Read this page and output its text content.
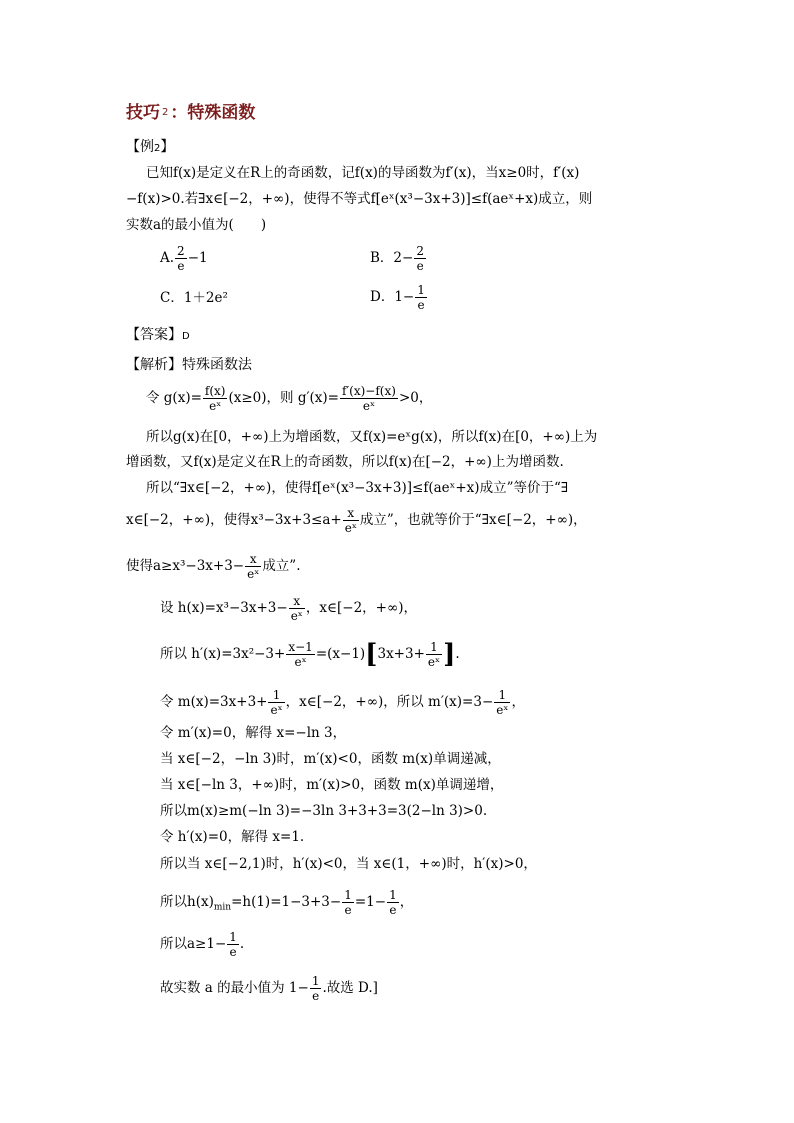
技巧 2 ：特殊函数
【例2】
已知f(x)是定义在R上的奇函数，记f(x)的导函数为f′(x)，当x≥0时，f′(x)
−f(x)>0.若∃x∈[−2，+∞)，使得不等式f[eˣ(x³−3x+3)]≤f(aeˣ+x)成立，则
实数a的最小值为(　　)
A. $\frac{2}{e} -1$	B．$2- \frac{2}{e}$
C．1＋2e²	D．$1- \frac{1}{e}$
【答案】D
【解析】特殊函数法
令 $g(x)= \frac{f(x)}{\text{eˣ}} (x\ge 0)$，则 $g'(x)= \frac{f'(x)-f(x)}{\text{eˣ}} >0$，
所以g(x)在[0，+∞)上为增函数，又f(x)=eˣg(x)，所以f(x)在[0，+∞)上为
增函数，又f(x)是定义在R上的奇函数，所以f(x)在[−2，+∞)上为增函数.
所以“∃x∈[−2，+∞)，使得f[eˣ(x³−3x+3)]≤f(aeˣ+x)成立”等价于“∃
x∈[−2，+∞)，使得$x^3-3x+3\le a+ \frac{x}{\text{eˣ}}$ 成立”，也就等价于“∃x∈[−2，+∞)，
使得$a\ge x^3-3x+3- \frac{x}{\text{eˣ}}$ 成立”.
设 $h(x)=x^3-3x+3- \frac{x}{\text{eˣ}}$ ，x∈[−2，+∞)，
所以 $h'(x)=3x^2-3+ \frac{x-1}{\text{eˣ}} =(x-1)[3x+3+ \frac{1}{\text{eˣ}}$ ].
令 $m(x)=3x+3+ \frac{1}{\text{eˣ}}$ ，x∈[−2，+∞)，所以 $m'(x)=3- \frac{1}{\text{eˣ}}$ ，
令 m′(x)=0，解得 x=−ln 3，
当 x∈[−2，−ln 3)时，m′(x)<0，函数 m(x)单调递减，
当 x∈[−ln 3，+∞)时，m′(x)>0，函数 m(x)单调递增，
所以m(x)≥m(−ln 3)=−3ln 3+3+3=3(2−ln 3)>0.
令 h′(x)=0，解得 x=1.
所以当 x∈[−2,1)时，h′(x)<0，当 x∈(1，+∞)时，h′(x)>0，
所以$h(x)_{min}=h(1)=1-3+3- \frac{1}{e} =1- \frac{1}{e}$ ，
所以$a\ge 1- \frac{1}{e}$ .
故实数 a 的最小值为 $1- \frac{1}{e}$ .故选 D.]
